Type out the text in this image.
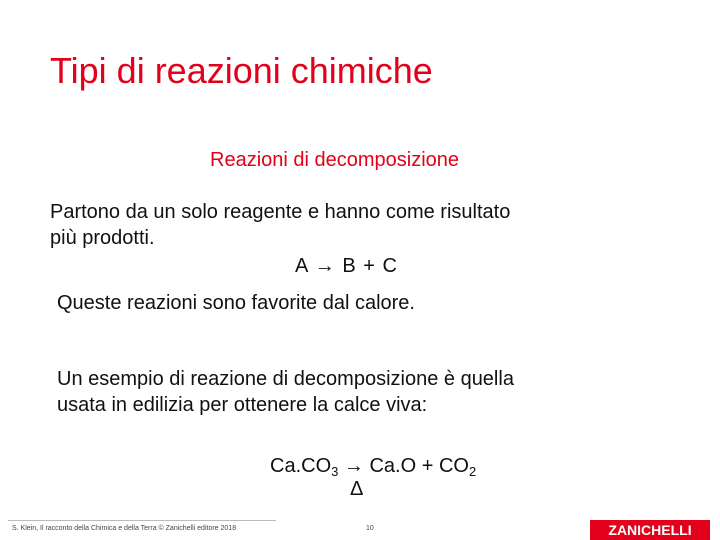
Tipi di reazioni chimiche
Reazioni di decomposizione
Partono da un solo reagente e hanno come risultato
più prodotti.
A → B + C
Queste reazioni sono favorite dal calore.
Un esempio di reazione di decomposizione è quella
usata in edilizia per ottenere la calce viva:
$Ca.CO_3 \to Ca.O + CO_2$
Δ
S. Klein, Il racconto della Chimica e della Terra © Zanichelli editore 2018	10	ZANICHELLI
